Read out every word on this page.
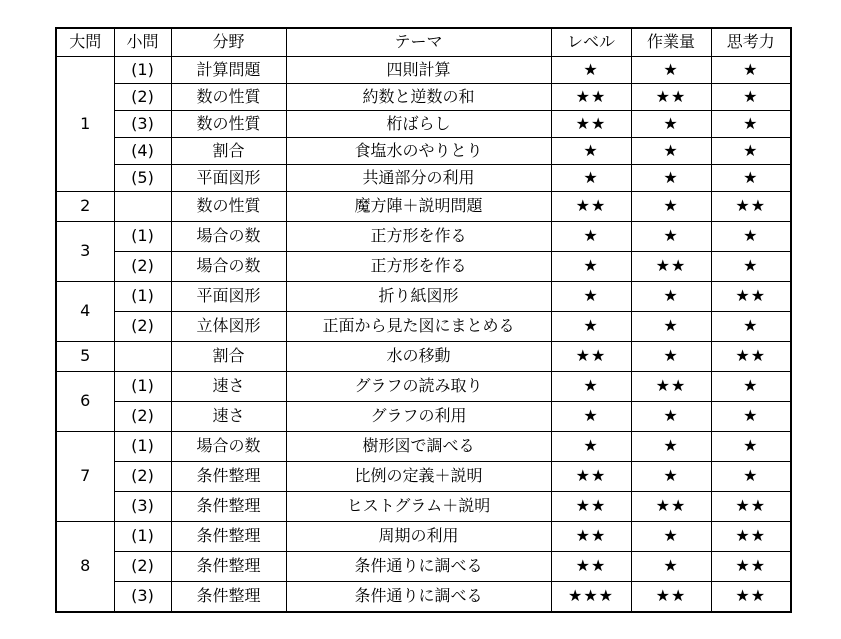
大問	小問	分野	テーマ	レベル	作業量	思考力
1	(1)	計算問題	四則計算	★	★	★
	(2)	数の性質	約数と逆数の和	★★	★★	★
	(3)	数の性質	桁ばらし	★★	★	★
	(4)	割合	食塩水のやりとり	★	★	★
	(5)	平面図形	共通部分の利用	★	★	★
2		数の性質	魔方陣＋説明問題	★★	★	★★
3	(1)	場合の数	正方形を作る	★	★	★
	(2)	場合の数	正方形を作る	★	★★	★
4	(1)	平面図形	折り紙図形	★	★	★★
	(2)	立体図形	正面から見た図にまとめる	★	★	★
5		割合	水の移動	★★	★	★★
6	(1)	速さ	グラフの読み取り	★	★★	★
	(2)	速さ	グラフの利用	★	★	★
7	(1)	場合の数	樹形図で調べる	★	★	★
	(2)	条件整理	比例の定義＋説明	★★	★	★
	(3)	条件整理	ヒストグラム＋説明	★★	★★	★★
8	(1)	条件整理	周期の利用	★★	★	★★
	(2)	条件整理	条件通りに調べる	★★	★	★★
	(3)	条件整理	条件通りに調べる	★★★	★★	★★
